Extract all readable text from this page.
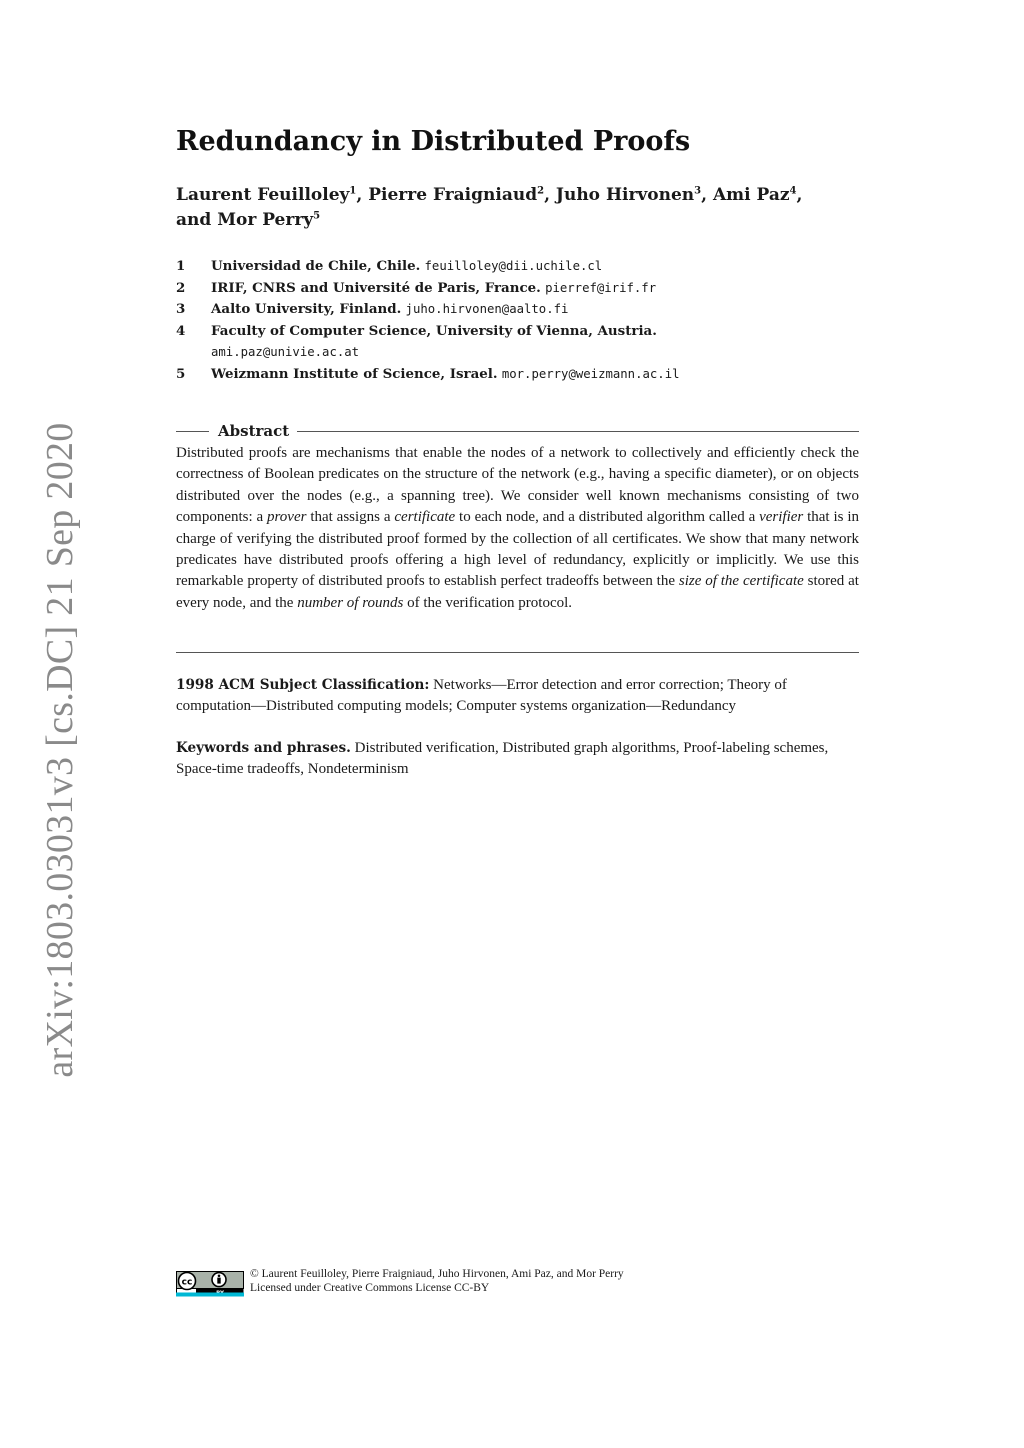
arXiv:1803.03031v3 [cs.DC] 21 Sep 2020
Redundancy in Distributed Proofs
Laurent Feuilloley$^1$, Pierre Fraigniaud$^2$, Juho Hirvonen$^3$, Ami Paz$^4$,
and Mor Perry$^5$
1	Universidad de Chile, Chile. feuilloley@dii.uchile.cl
2	IRIF, CNRS and Université de Paris, France. pierref@irif.fr
3	Aalto University, Finland. juho.hirvonen@aalto.fi
4	Faculty of Computer Science, University of Vienna, Austria.
ami.paz@univie.ac.at
5	Weizmann Institute of Science, Israel. mor.perry@weizmann.ac.il
Abstract
Distributed proofs are mechanisms that enable the nodes of a network to collectively and efficiently check the correctness of Boolean predicates on the structure of the network (e.g., having a specific diameter), or on objects distributed over the nodes (e.g., a spanning tree). We consider well known mechanisms consisting of two components: a prover that assigns a certificate to each node, and a distributed algorithm called a verifier that is in charge of verifying the distributed proof formed by the collection of all certificates. We show that many network predicates have distributed proofs offering a high level of redundancy, explicitly or implicitly. We use this remarkable property of distributed proofs to establish perfect tradeoffs between the size of the certificate stored at every node, and the number of rounds of the verification protocol.
1998 ACM Subject Classification: Networks—Error detection and error correction; Theory of computation—Distributed computing models; Computer systems organization—Redundancy
Keywords and phrases. Distributed verification, Distributed graph algorithms, Proof-labeling schemes, Space-time tradeoffs, Nondeterminism
cc
© Laurent Feuilloley, Pierre Fraigniaud, Juho Hirvonen, Ami Paz, and Mor Perry
Licensed under Creative Commons License CC-BY
